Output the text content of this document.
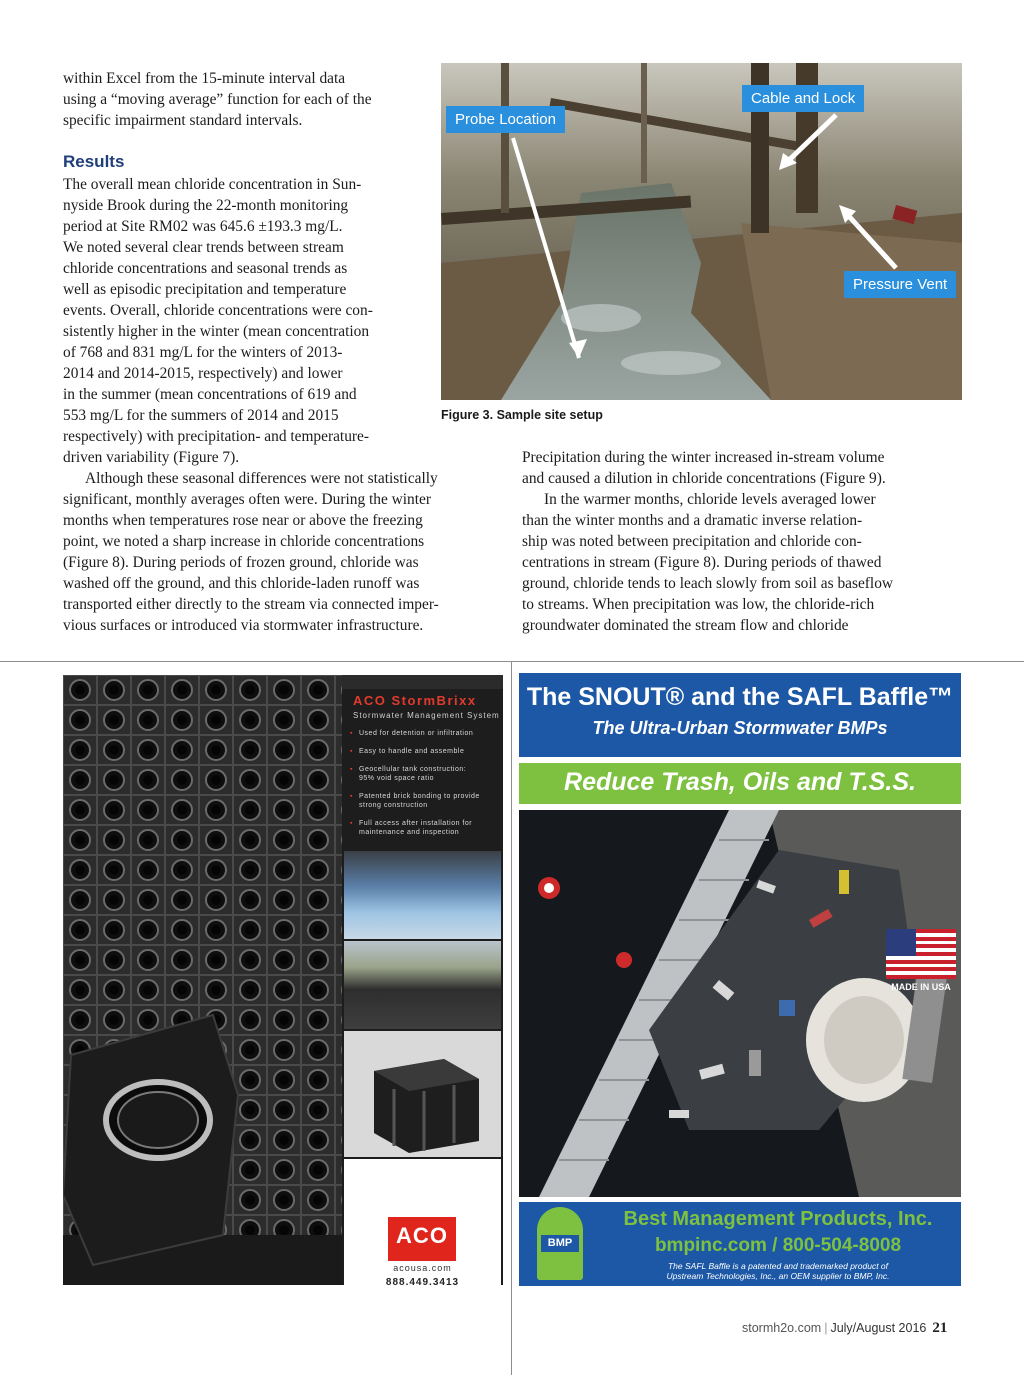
within Excel from the 15-minute interval data

using a “moving average” function for each of the

specific impairment standard intervals.

Results

The overall mean chloride concentration in Sun-

nyside Brook during the 22-month monitoring

period at Site RM02 was 645.6 ±193.3 mg/L.

We noted several clear trends between stream

chloride concentrations and seasonal trends as

well as episodic precipitation and temperature

events. Overall, chloride concentrations were con-

sistently higher in the winter (mean concentration

of 768 and 831 mg/L for the winters of 2013-

2014 and 2014-2015, respectively) and lower

in the summer (mean concentrations of 619 and

553 mg/L for the summers of 2014 and 2015

respectively) with precipitation- and temperature-

driven variability (Figure 7).

Although these seasonal differences were not statistically

significant, monthly averages often were. During the winter

months when temperatures rose near or above the freezing

point, we noted a sharp increase in chloride concentrations

(Figure 8). During periods of frozen ground, chloride was

washed off the ground, and this chloride-laden runoff was

transported either directly to the stream via connected imper-

vious surfaces or introduced via stormwater infrastructure.

Precipitation during the winter increased in-stream volume

and caused a dilution in chloride concentrations (Figure 9).

In the warmer months, chloride levels averaged lower

than the winter months and a dramatic inverse relation-

ship was noted between precipitation and chloride con-

centrations in stream (Figure 8). During periods of thawed

ground, chloride tends to leach slowly from soil as baseflow

to streams. When precipitation was low, the chloride-rich

groundwater dominated the stream flow and chloride

Probe Location
Cable and Lock
Pressure Vent
Figure 3. Sample site setup
ACO StormBrixx
Stormwater Management System
▪ Used for detention or infiltration
▪ Easy to handle and assemble
▪ Geocellular tank construction:
95% void space ratio
▪ Patented brick bonding to provide
strong construction
▪ Full access after installation for
maintenance and inspection
ACO
acousa.com
888.449.3413
The SNOUT® and the SAFL Baffle™
The Ultra-Urban Stormwater BMPs
Reduce Trash, Oils and T.S.S.
MADE IN USA
BMP
Best Management Products, Inc.
bmpinc.com / 800-504-8008
The SAFL Baffle is a patented and trademarked product of
Upstream Technologies, Inc., an OEM supplier to BMP, Inc.
stormh2o.com | July/August 2016 21
